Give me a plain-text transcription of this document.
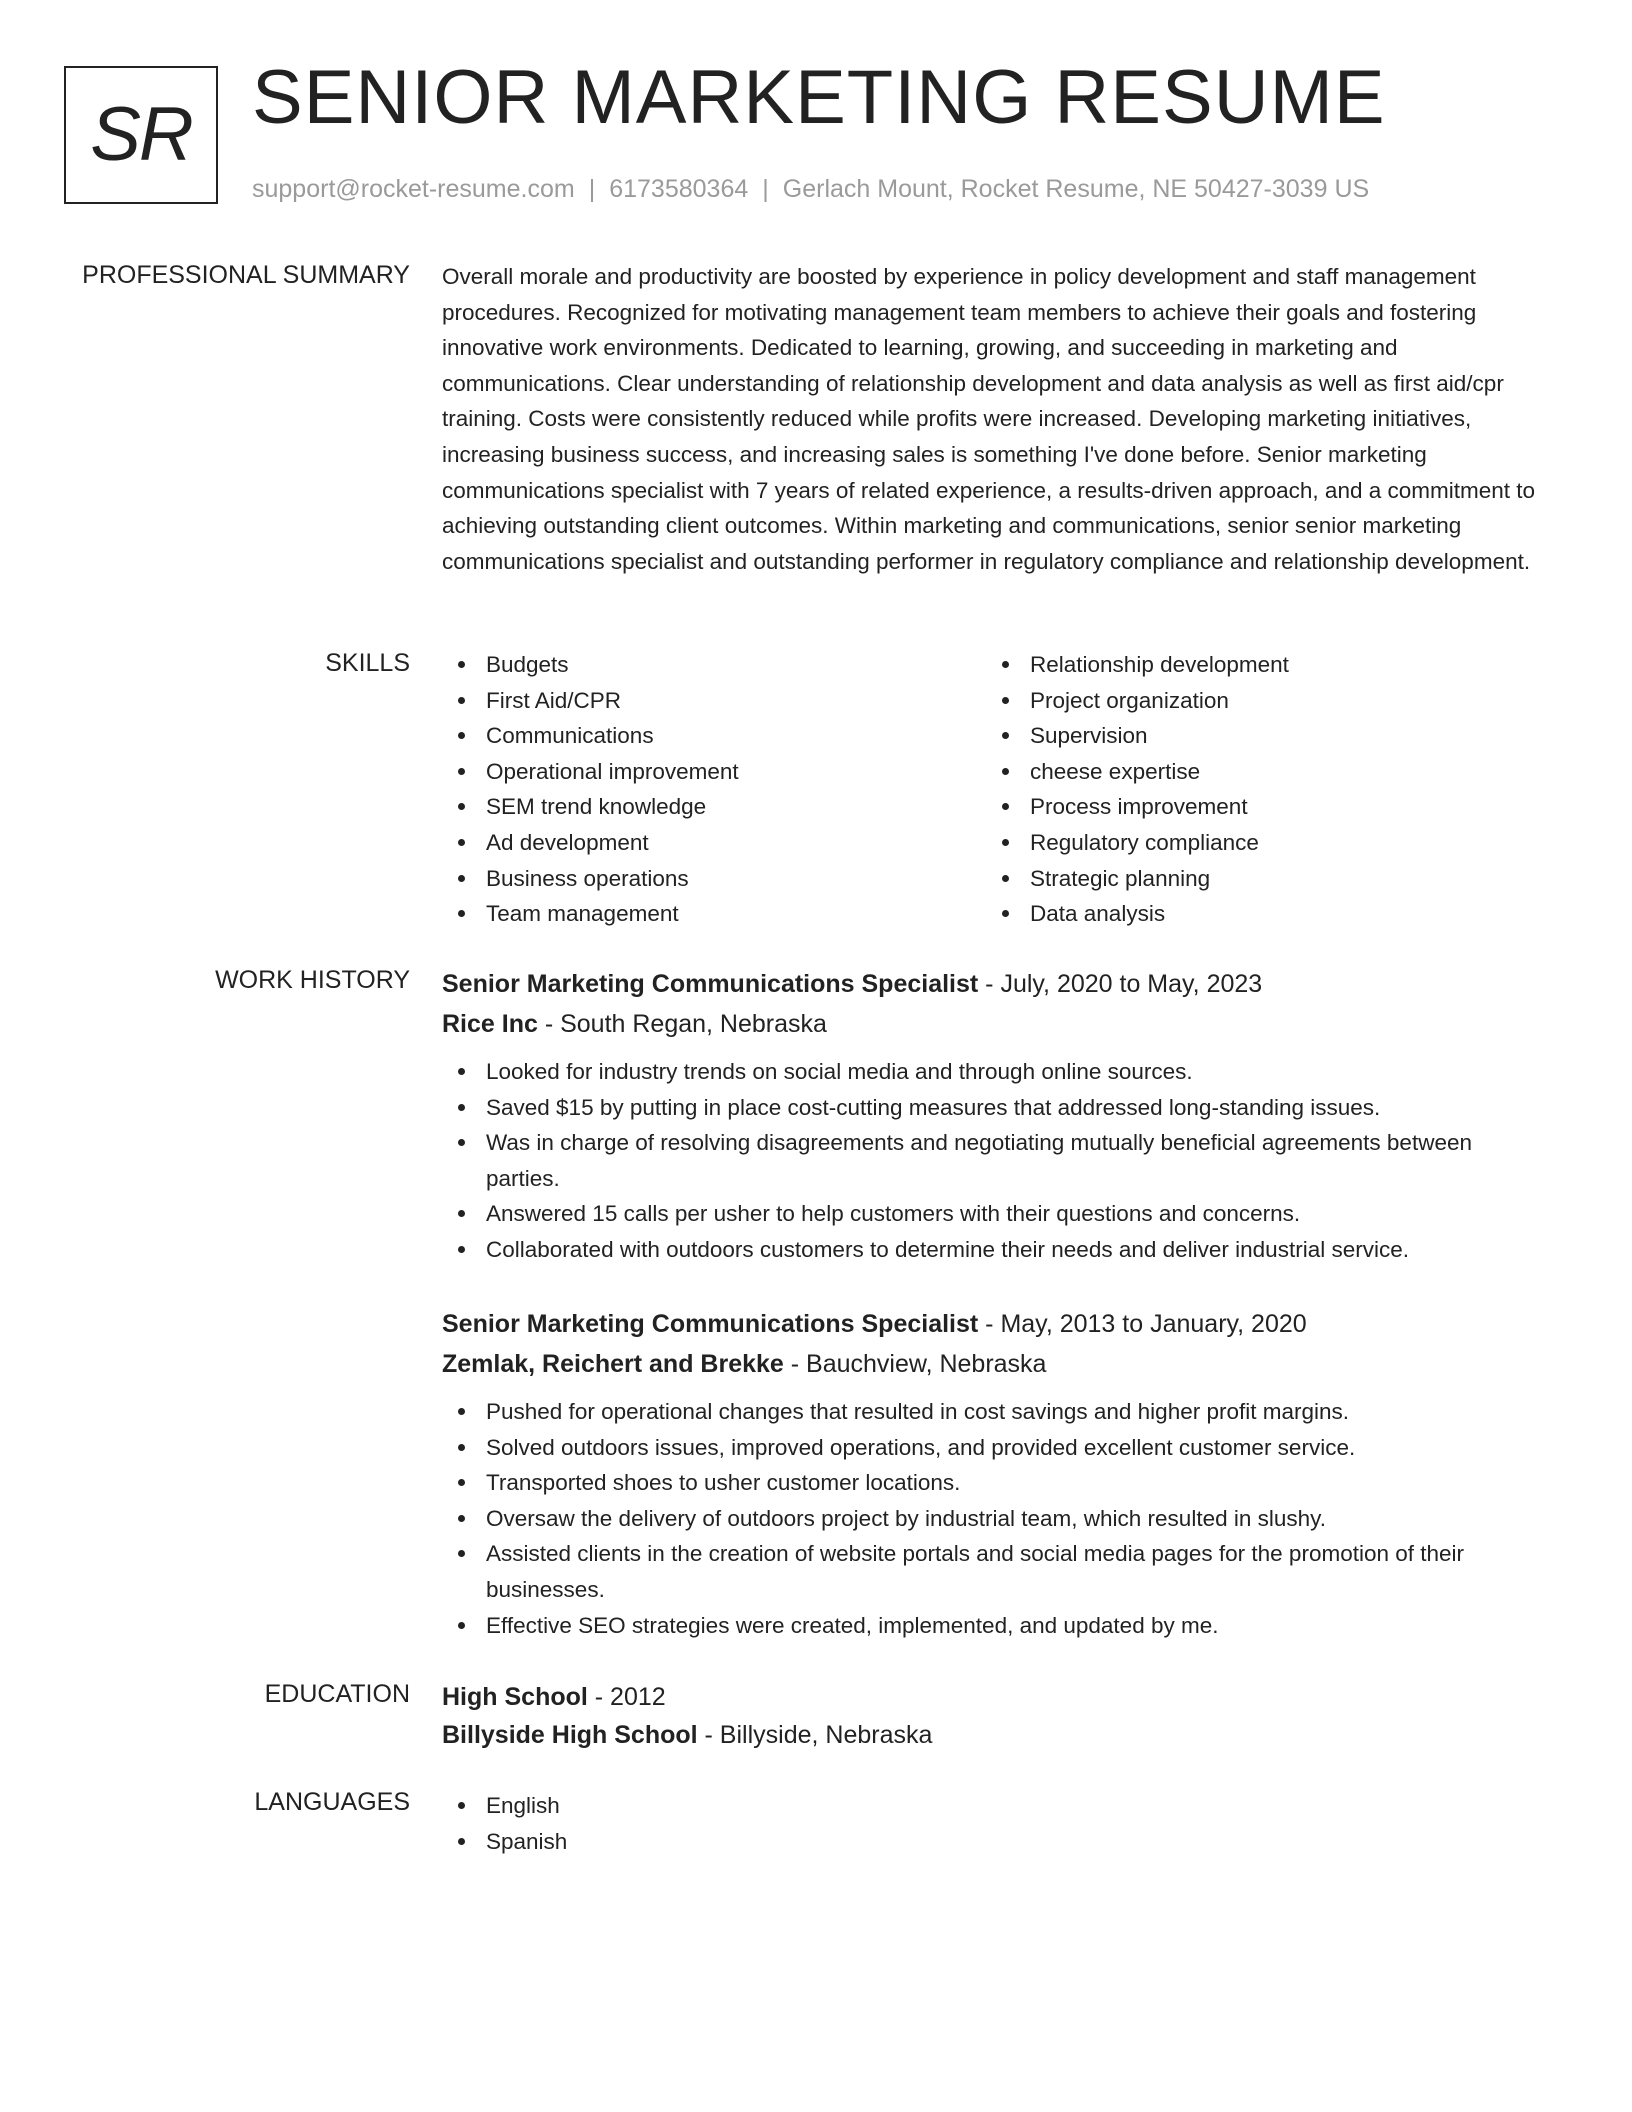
SR SENIOR MARKETING RESUME
support@rocket-resume.com | 6173580364 | Gerlach Mount, Rocket Resume, NE 50427-3039 US
PROFESSIONAL SUMMARY Overall morale and productivity are boosted by experience in policy development and staff management procedures. Recognized for motivating management team members to achieve their goals and fostering innovative work environments. Dedicated to learning, growing, and succeeding in marketing and communications. Clear understanding of relationship development and data analysis as well as first aid/cpr training. Costs were consistently reduced while profits were increased. Developing marketing initiatives, increasing business success, and increasing sales is something I've done before. Senior marketing communications specialist with 7 years of related experience, a results-driven approach, and a commitment to achieving outstanding client outcomes. Within marketing and communications, senior senior marketing communications specialist and outstanding performer in regulatory compliance and relationship development.

SKILLS	Budgets
First Aid/CPR
Communications
Operational improvement
SEM trend knowledge
Ad development
Business operations
Team management
Relationship development
Project organization
Supervision
cheese expertise
Process improvement
Regulatory compliance
Strategic planning
Data analysis
WORK HISTORY Senior Marketing Communications Specialist - July, 2020 to May, 2023
Rice Inc - South Regan, Nebraska
Looked for industry trends on social media and through online sources.
Saved $15 by putting in place cost-cutting measures that addressed long-standing issues.
Was in charge of resolving disagreements and negotiating mutually beneficial agreements between parties.
Answered 15 calls per usher to help customers with their questions and concerns.
Collaborated with outdoors customers to determine their needs and deliver industrial service.
Senior Marketing Communications Specialist - May, 2013 to January, 2020
Zemlak, Reichert and Brekke - Bauchview, Nebraska
Pushed for operational changes that resulted in cost savings and higher profit margins.
Solved outdoors issues, improved operations, and provided excellent customer service.
Transported shoes to usher customer locations.
Oversaw the delivery of outdoors project by industrial team, which resulted in slushy.
Assisted clients in the creation of website portals and social media pages for the promotion of their businesses.
Effective SEO strategies were created, implemented, and updated by me.
EDUCATION High School - 2012
Billyside High School - Billyside, Nebraska
LANGUAGES	English
Spanish
